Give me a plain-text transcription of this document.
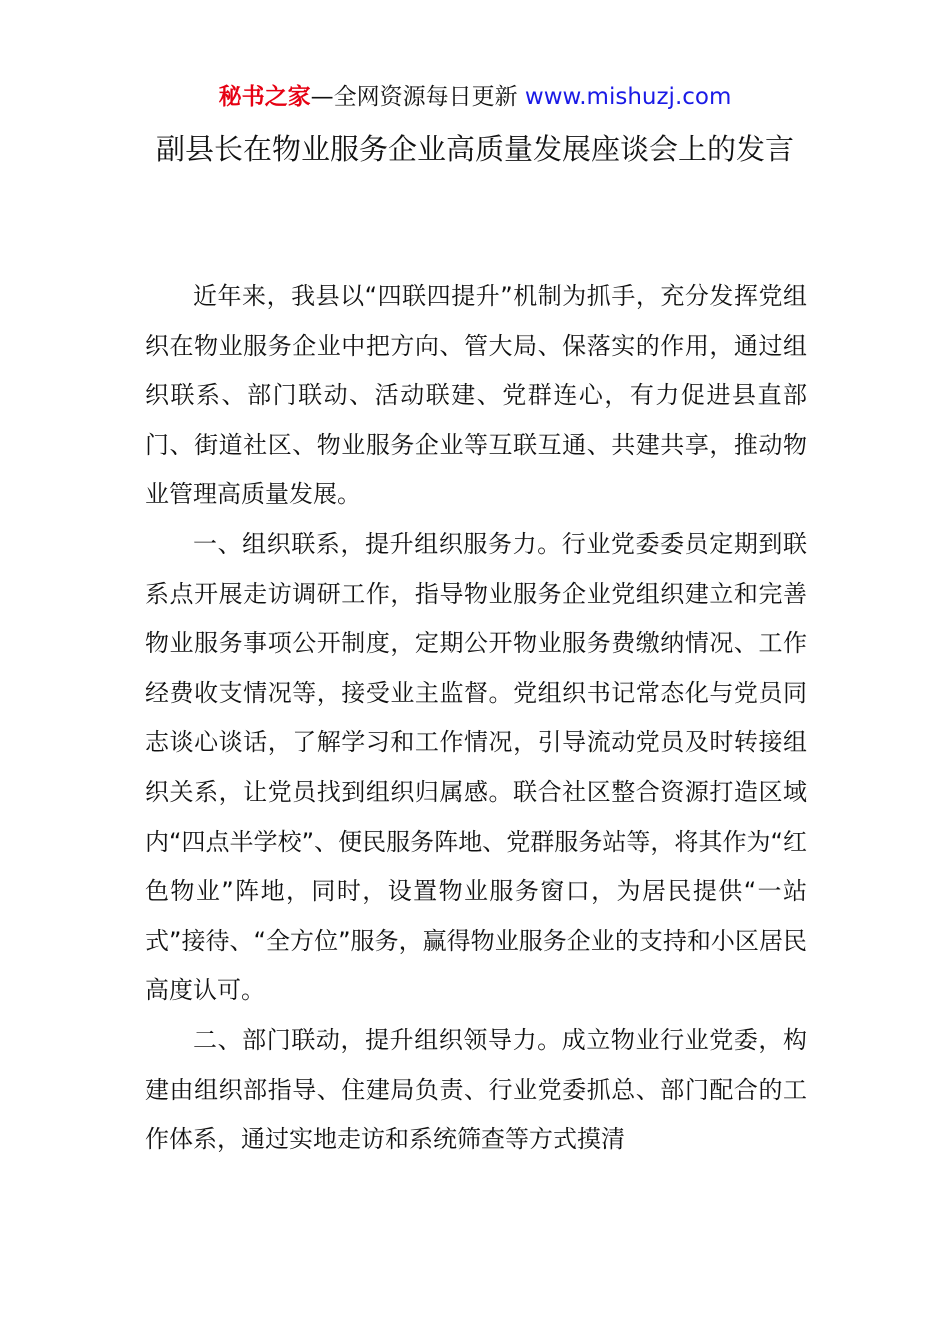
秘书之家—全网资源每日更新 www.mishuzj.com
副县长在物业服务企业高质量发展座谈会上的发言

近年来，我县以“四联四提升”机制为抓手，充分发挥党组织在物业服务企业中把方向、管大局、保落实的作用，通过组织联系、部门联动、活动联建、党群连心，有力促进县直部门、街道社区、物业服务企业等互联互通、共建共享，推动物业管理高质量发展。

一、组织联系，提升组织服务力。行业党委委员定期到联系点开展走访调研工作，指导物业服务企业党组织建立和完善物业服务事项公开制度，定期公开物业服务费缴纳情况、工作经费收支情况等，接受业主监督。党组织书记常态化与党员同志谈心谈话，了解学习和工作情况，引导流动党员及时转接组织关系，让党员找到组织归属感。联合社区整合资源打造区域内“四点半学校”、便民服务阵地、党群服务站等，将其作为“红色物业”阵地，同时，设置物业服务窗口，为居民提供“一站式”接待、“全方位”服务，赢得物业服务企业的支持和小区居民高度认可。

二、部门联动，提升组织领导力。成立物业行业党委，构建由组织部指导、住建局负责、行业党委抓总、部门配合的工作体系，通过实地走访和系统筛查等方式摸清
